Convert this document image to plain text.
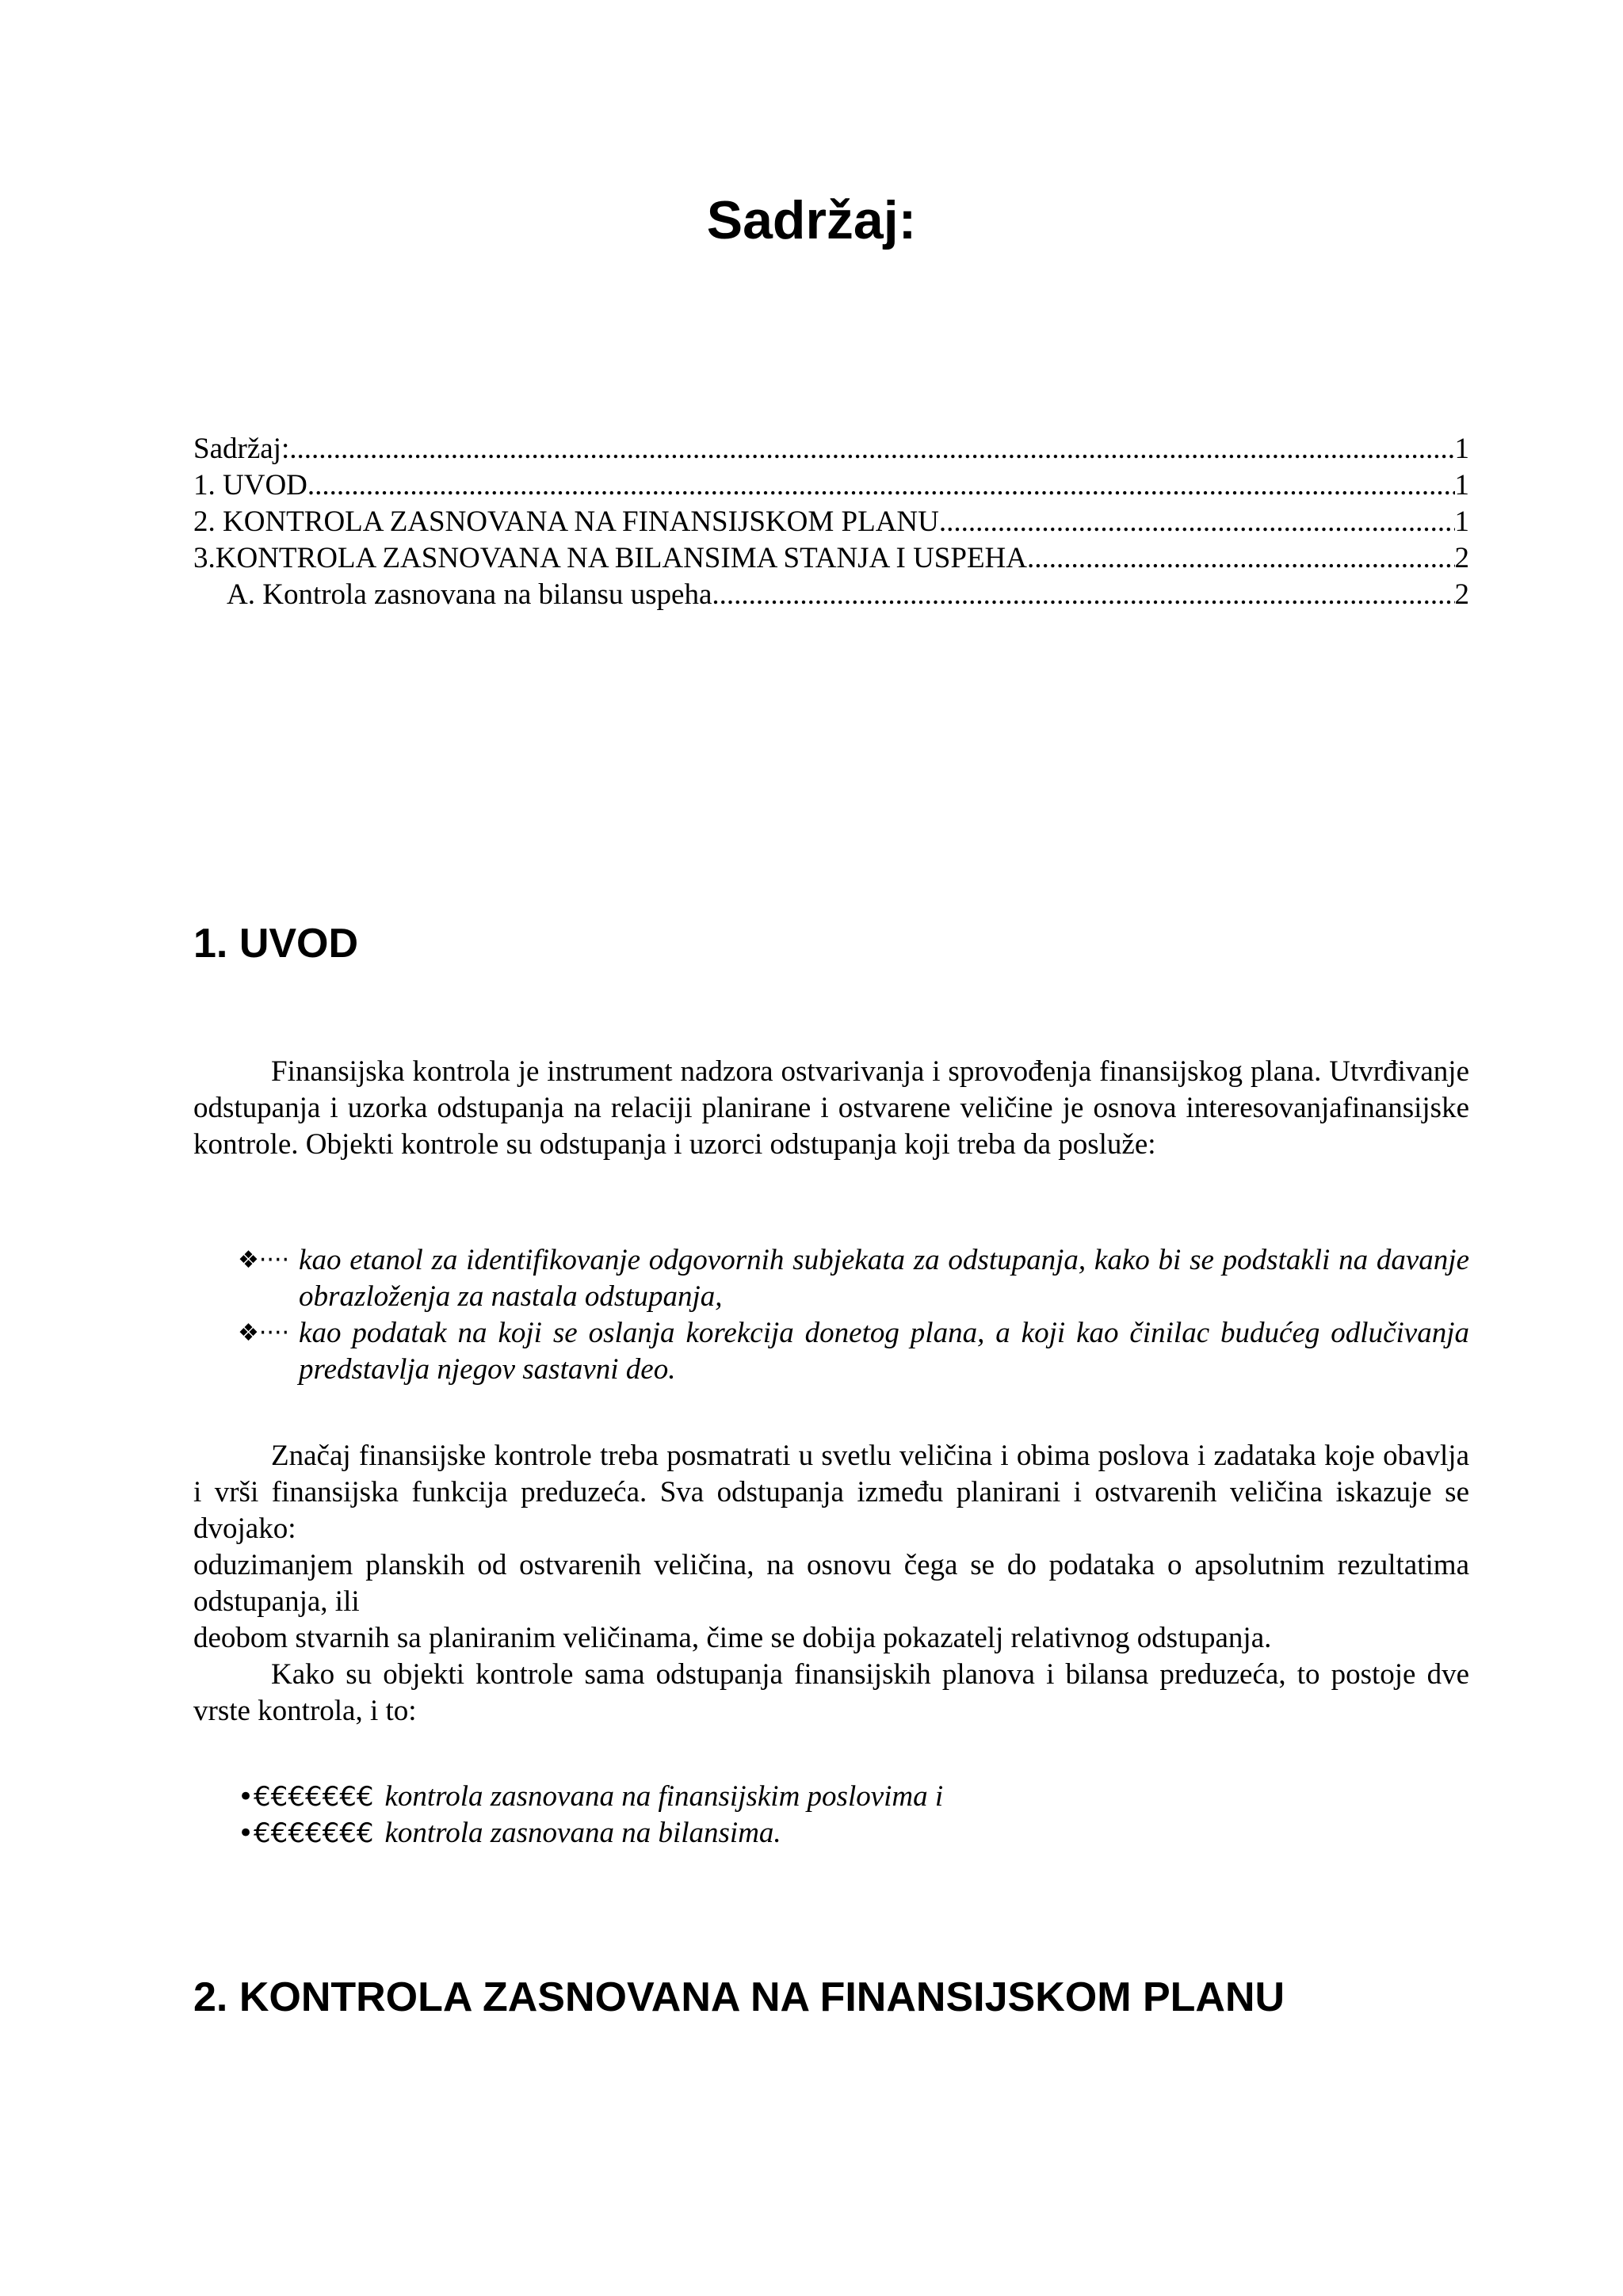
Sadržaj:
Sadržaj: .....	1
1. UVOD .....	1
2. KONTROLA ZASNOVANA NA FINANSIJSKOM PLANU .....	1
3.KONTROLA ZASNOVANA NA BILANSIMA STANJA I USPEHA .....	2
A. Kontrola zasnovana na bilansu uspeha .....	2
1. UVOD

Finansijska kontrola je instrument nadzora ostvarivanja i sprovođenja finansijskog plana. Utvrđivanje odstupanja i uzorka odstupanja na relaciji planirane i ostvarene veličine je osnova interesovanjafinansijske kontrole. Objekti kontrole su odstupanja i uzorci odstupanja koji treba da posluže:

❖···· kao etanol za identifikovanje odgovornih subjekata za odstupanja, kako bi se podstakli na davanje obrazloženja za nastala odstupanja,
❖···· kao podatak na koji se oslanja korekcija donetog plana, a koji kao činilac budućeg odlučivanja predstavlja njegov sastavni deo.

Značaj finansijske kontrole treba posmatrati u svetlu veličina i obima poslova i zadataka koje obavlja i vrši finansijska funkcija preduzeća. Sva odstupanja između planirani i ostvarenih veličina iskazuje se dvojako:

oduzimanjem planskih od ostvarenih veličina, na osnovu čega se do podataka o apsolutnim rezultatima odstupanja, ili

deobom stvarnih sa planiranim veličinama, čime se dobija pokazatelj relativnog odstupanja.

Kako su objekti kontrole sama odstupanja finansijskih planova i bilansa preduzeća, to postoje dve vrste kontrola, i to:

•€€€€€€€ kontrola zasnovana na finansijskim poslovima i
•€€€€€€€ kontrola zasnovana na bilansima.
2. KONTROLA ZASNOVANA NA FINANSIJSKOM PLANU
